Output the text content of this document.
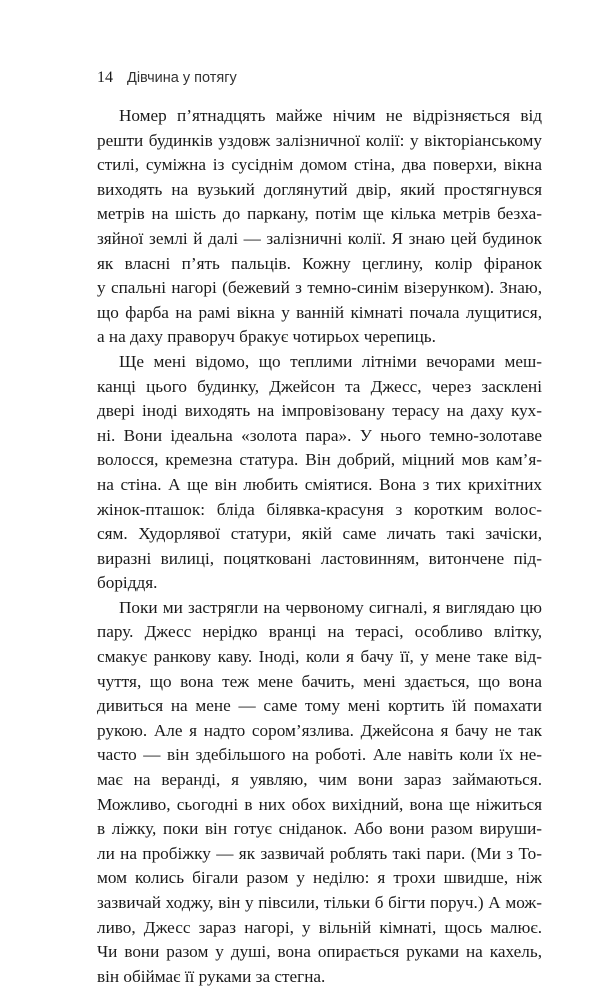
14 Дівчина у потягу
Номер п’ятнадцять майже нічим не відрізняється від
решти будинків уздовж залізничної колії: у вікторіанському
стилі, суміжна із сусіднім домом стіна, два поверхи, вікна
виходять на вузький доглянутий двір, який простягнувся
метрів на шість до паркану, потім ще кілька метрів безха-
зяйної землі й далі — залізничні колії. Я знаю цей будинок
як власні п’ять пальців. Кожну цеглину, колір фіранок
у спальні нагорі (бежевий з темно-синім візерунком). Знаю,
що фарба на рамі вікна у ванній кімнаті почала лущитися,
а на даху праворуч бракує чотирьох черепиць.
Ще мені відомо, що теплими літніми вечорами меш-
канці цього будинку, Джейсон та Джесс, через засклені
двері іноді виходять на імпровізовану терасу на даху кух-
ні. Вони ідеальна «золота пара». У нього темно-золотаве
волосся, кремезна статура. Він добрий, міцний мов кам’я-
на стіна. А ще він любить сміятися. Вона з тих крихітних
жінок-пташок: бліда білявка-красуня з коротким волос-
сям. Худорлявої статури, якій саме личать такі зачіски,
виразні вилиці, поцятковані ластовинням, витончене під-
боріддя.
Поки ми застрягли на червоному сигналі, я виглядаю цю
пару. Джесс нерідко вранці на терасі, особливо влітку,
смакує ранкову каву. Іноді, коли я бачу її, у мене таке від-
чуття, що вона теж мене бачить, мені здається, що вона
дивиться на мене — саме тому мені кортить їй помахати
рукою. Але я надто сором’язлива. Джейсона я бачу не так
часто — він здебільшого на роботі. Але навіть коли їх не-
має на веранді, я уявляю, чим вони зараз займаються.
Можливо, сьогодні в них обох вихідний, вона ще ніжиться
в ліжку, поки він готує сніданок. Або вони разом вируши-
ли на пробіжку — як зазвичай роблять такі пари. (Ми з То-
мом колись бігали разом у неділю: я трохи швидше, ніж
зазвичай ходжу, він у півсили, тільки б бігти поруч.) А мож-
ливо, Джесс зараз нагорі, у вільній кімнаті, щось малює.
Чи вони разом у душі, вона опирається руками на кахель,
він обіймає її руками за стегна.
